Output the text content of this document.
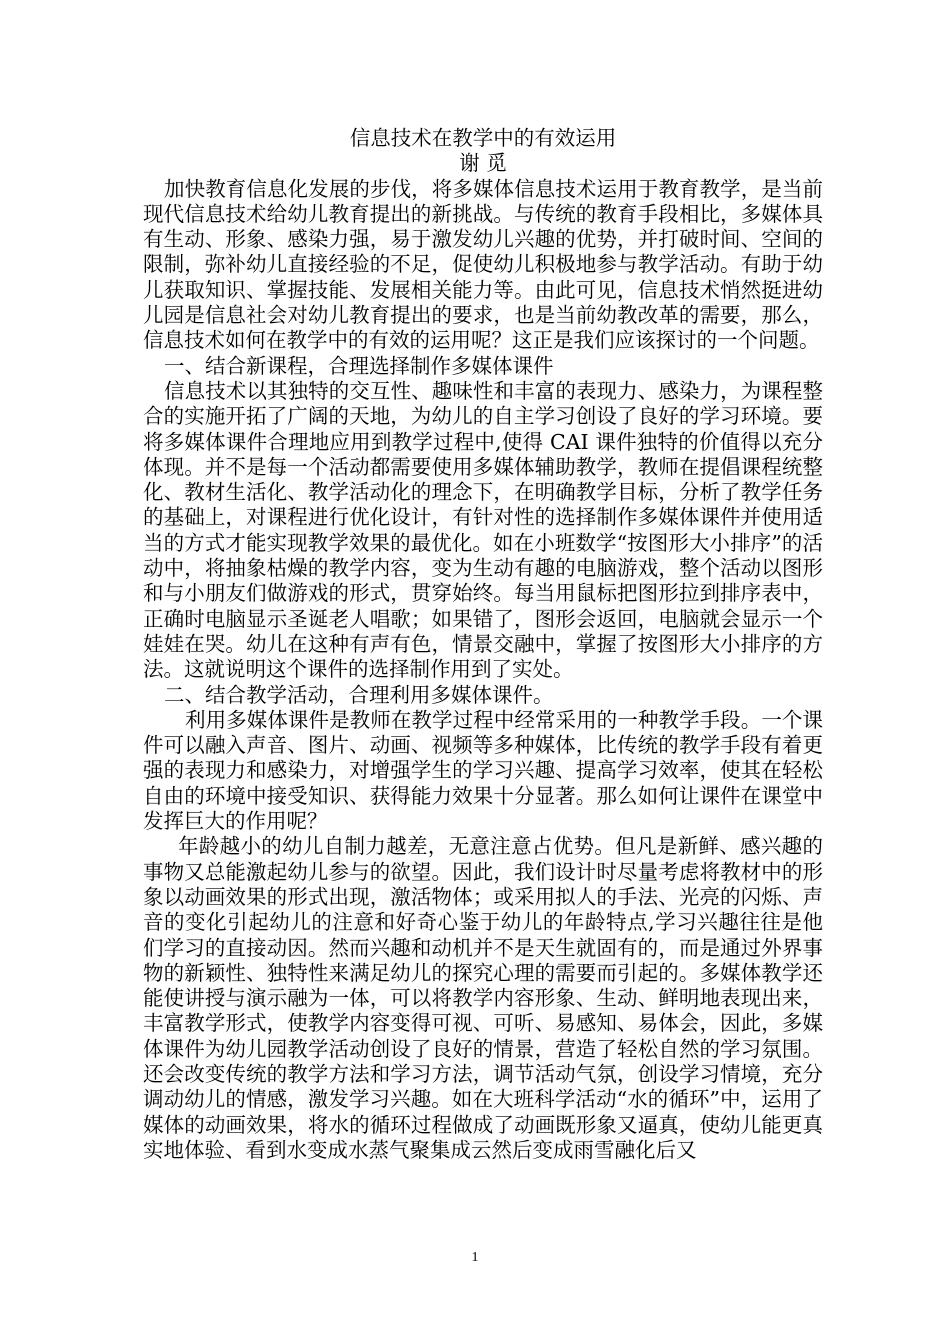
信息技术在教学中的有效运用

谢 觅

加快教育信息化发展的步伐，将多媒体信息技术运用于教育教学，是当前现代信息技术给幼儿教育提出的新挑战。与传统的教育手段相比，多媒体具有生动、形象、感染力强，易于激发幼儿兴趣的优势，并打破时间、空间的限制，弥补幼儿直接经验的不足，促使幼儿积极地参与教学活动。有助于幼儿获取知识、掌握技能、发展相关能力等。由此可见，信息技术悄然挺进幼儿园是信息社会对幼儿教育提出的要求，也是当前幼教改革的需要，那么，信息技术如何在教学中的有效的运用呢？这正是我们应该探讨的一个问题。

一、结合新课程，合理选择制作多媒体课件

信息技术以其独特的交互性、趣味性和丰富的表现力、感染力，为课程整合的实施开拓了广阔的天地，为幼儿的自主学习创设了良好的学习环境。要将多媒体课件合理地应用到教学过程中,使得 CAI 课件独特的价值得以充分体现。并不是每一个活动都需要使用多媒体辅助教学，教师在提倡课程统整化、教材生活化、教学活动化的理念下，在明确教学目标，分析了教学任务的基础上，对课程进行优化设计，有针对性的选择制作多媒体课件并使用适当的方式才能实现教学效果的最优化。如在小班数学“按图形大小排序”的活动中，将抽象枯燥的教学内容，变为生动有趣的电脑游戏，整个活动以图形和与小朋友们做游戏的形式，贯穿始终。每当用鼠标把图形拉到排序表中，正确时电脑显示圣诞老人唱歌；如果错了，图形会返回，电脑就会显示一个娃娃在哭。幼儿在这种有声有色，情景交融中，掌握了按图形大小排序的方法。这就说明这个课件的选择制作用到了实处。

二、结合教学活动，合理利用多媒体课件。

利用多媒体课件是教师在教学过程中经常采用的一种教学手段。一个课件可以融入声音、图片、动画、视频等多种媒体，比传统的教学手段有着更强的表现力和感染力，对增强学生的学习兴趣、提高学习效率，使其在轻松自由的环境中接受知识、获得能力效果十分显著。那么如何让课件在课堂中发挥巨大的作用呢？

年龄越小的幼儿自制力越差，无意注意占优势。但凡是新鲜、感兴趣的事物又总能激起幼儿参与的欲望。因此，我们设计时尽量考虑将教材中的形象以动画效果的形式出现，激活物体；或采用拟人的手法、光亮的闪烁、声音的变化引起幼儿的注意和好奇心鉴于幼儿的年龄特点,学习兴趣往往是他们学习的直接动因。然而兴趣和动机并不是天生就固有的，而是通过外界事物的新颖性、独特性来满足幼儿的探究心理的需要而引起的。多媒体教学还能使讲授与演示融为一体，可以将教学内容形象、生动、鲜明地表现出来，丰富教学形式，使教学内容变得可视、可听、易感知、易体会，因此，多媒体课件为幼儿园教学活动创设了良好的情景，营造了轻松自然的学习氛围。还会改变传统的教学方法和学习方法，调节活动气氛，创设学习情境，充分调动幼儿的情感，激发学习兴趣。如在大班科学活动“水的循环”中，运用了媒体的动画效果，将水的循环过程做成了动画既形象又逼真，使幼儿能更真实地体验、看到水变成水蒸气聚集成云然后变成雨雪融化后又

1
